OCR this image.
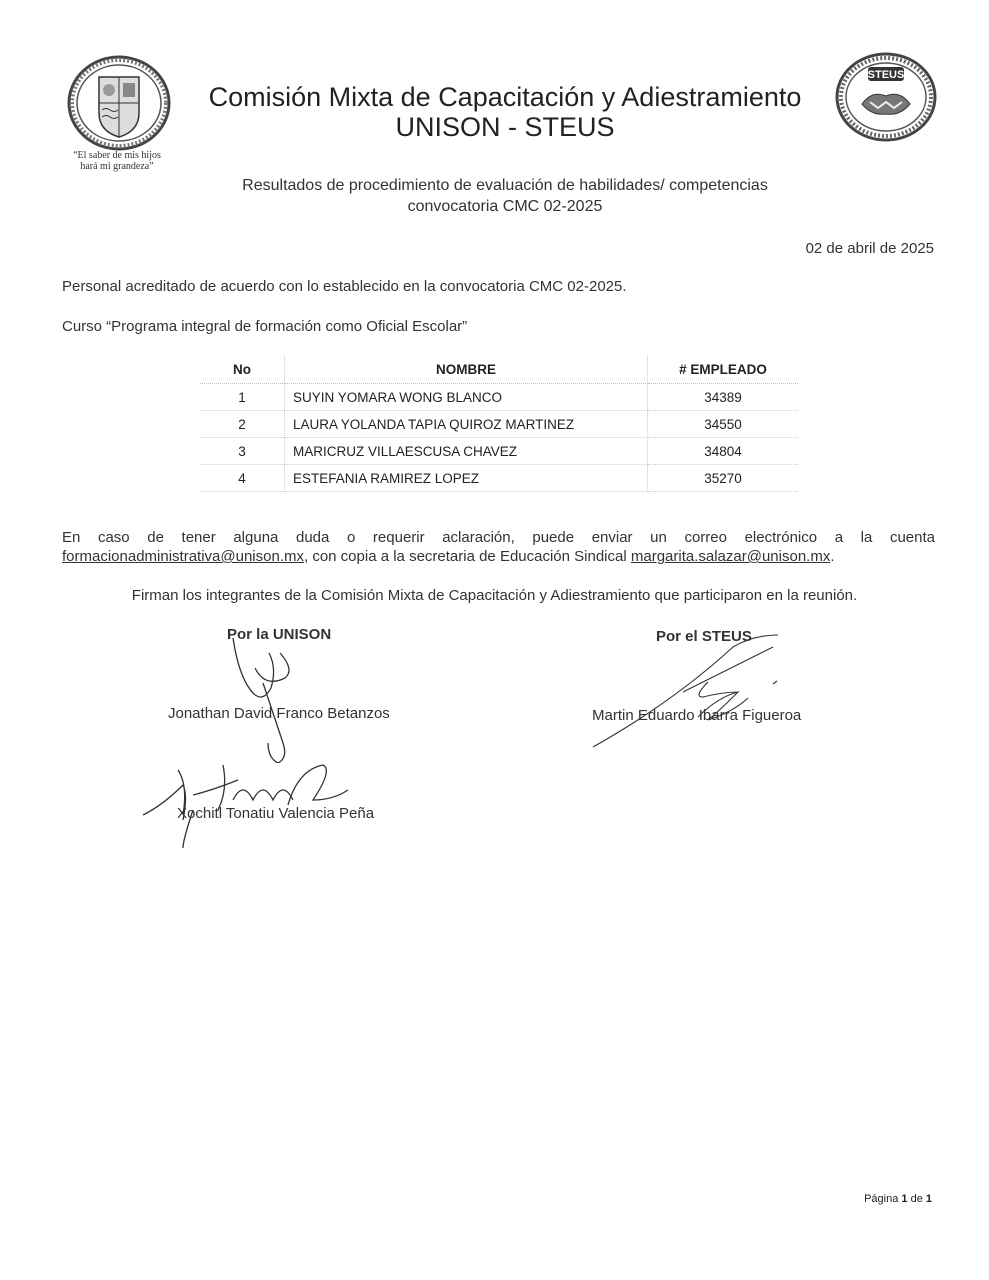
“El saber de mis hijos
hará mi grandeza”
Comisión Mixta de Capacitación y Adiestramiento
UNISON - STEUS
STEUS
Resultados de procedimiento de evaluación de habilidades/ competencias
convocatoria CMC 02-2025
02 de abril de 2025
Personal acreditado de acuerdo con lo establecido en la convocatoria CMC 02-2025.
Curso “Programa integral de formación como Oficial Escolar”
No	NOMBRE	# EMPLEADO
1	SUYIN YOMARA WONG BLANCO	34389
2	LAURA YOLANDA TAPIA QUIROZ MARTINEZ	34550
3	MARICRUZ VILLAESCUSA CHAVEZ	34804
4	ESTEFANIA RAMIREZ LOPEZ	35270
En caso de tener alguna duda o requerir aclaración, puede enviar un correo electrónico a la cuenta formacionadministrativa@unison.mx, con copia a la secretaria de Educación Sindical margarita.salazar@unison.mx.
Firman los integrantes de la Comisión Mixta de Capacitación y Adiestramiento que participaron en la reunión.
Por la UNISON	Por el STEUS
Jonathan David Franco Betanzos
Xochitl Tonatiu Valencia Peña
Martin Eduardo Ibarra Figueroa
Página 1 de 1
